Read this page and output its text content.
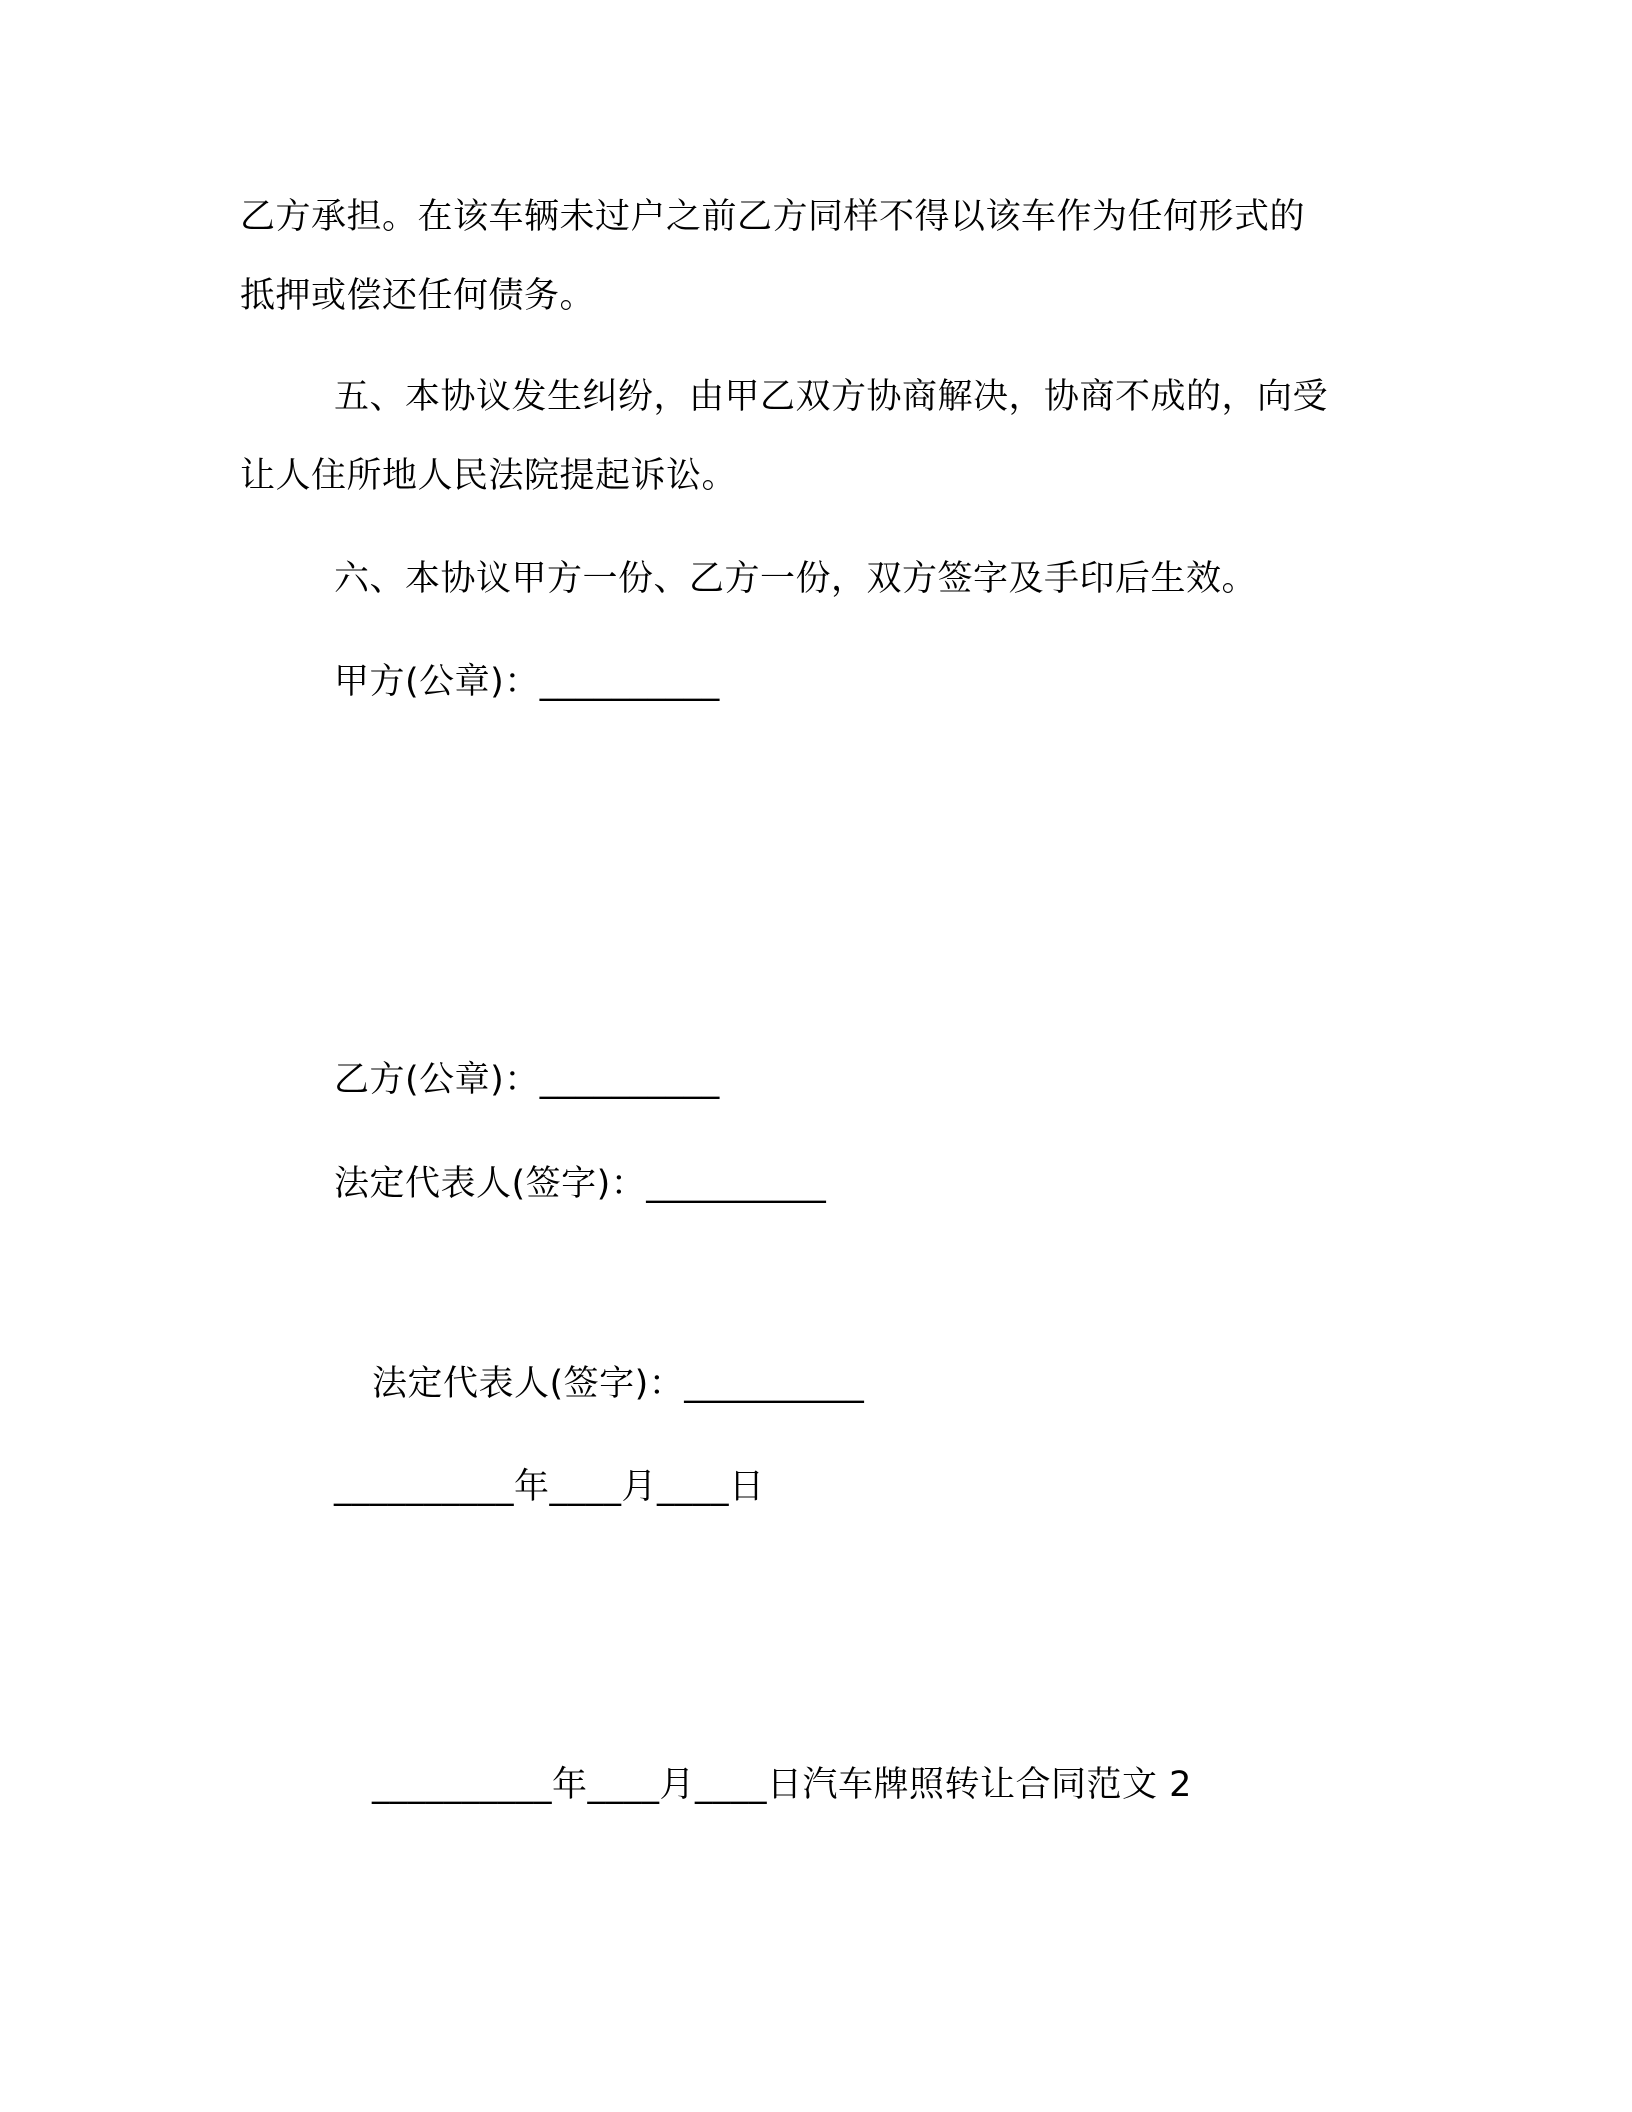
乙方承担。在该车辆未过户之前乙方同样不得以该车作为任何形式的
抵押或偿还任何债务。
五、本协议发生纠纷，由甲乙双方协商解决，协商不成的，向受
让人住所地人民法院提起诉讼。
六、本协议甲方一份、乙方一份，双方签字及手印后生效。
甲方(公章)：__________
乙方(公章)：__________
法定代表人(签字)：__________
法定代表人(签字)：__________
__________年____月____日
__________年____月____日汽车牌照转让合同范文 2
